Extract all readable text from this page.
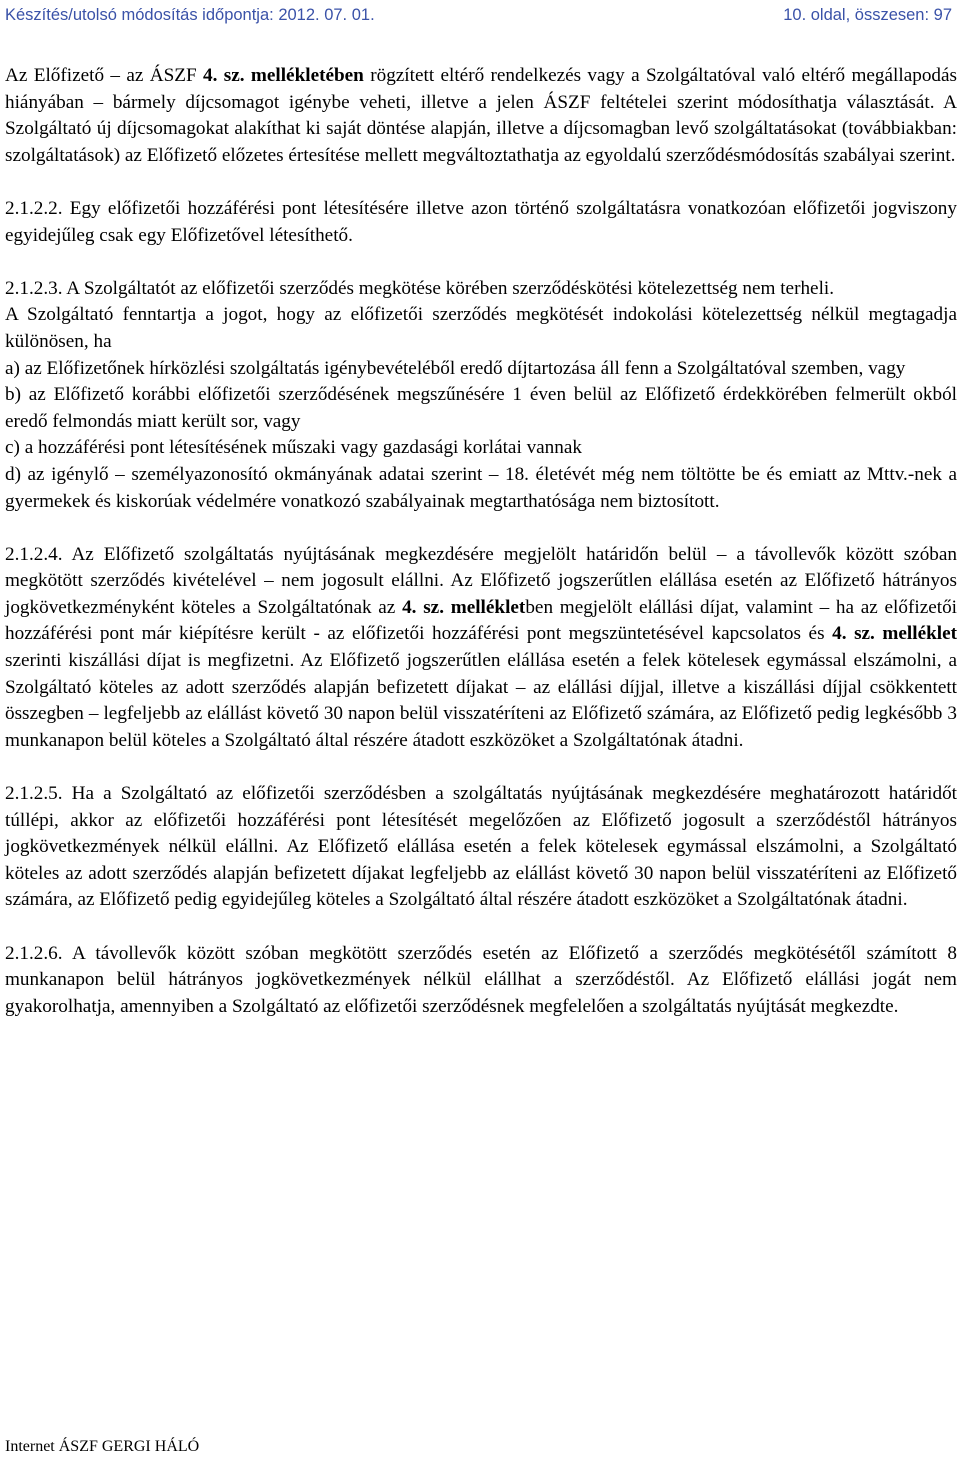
Készítés/utolsó módosítás időpontja: 2012. 07. 01.	10. oldal, összesen: 97

Az Előfizető – az ÁSZF 4. sz. mellékletében rögzített eltérő rendelkezés vagy a Szolgáltatóval való eltérő megállapodás hiányában – bármely díjcsomagot igénybe veheti, illetve a jelen ÁSZF feltételei szerint módosíthatja választását. A Szolgáltató új díjcsomagokat alakíthat ki saját döntése alapján, illetve a díjcsomagban levő szolgáltatásokat (továbbiakban: szolgáltatások) az Előfizető előzetes értesítése mellett megváltoztathatja az egyoldalú szerződésmódosítás szabályai szerint.

2.1.2.2. Egy előfizetői hozzáférési pont létesítésére illetve azon történő szolgáltatásra vonatkozóan előfizetői jogviszony egyidejűleg csak egy Előfizetővel létesíthető.

2.1.2.3. A Szolgáltatót az előfizetői szerződés megkötése körében szerződéskötési kötelezettség nem terheli.

A Szolgáltató fenntartja a jogot, hogy az előfizetői szerződés megkötését indokolási kötelezettség nélkül megtagadja különösen, ha

a) az Előfizetőnek hírközlési szolgáltatás igénybevételéből eredő díjtartozása áll fenn a Szolgáltatóval szemben, vagy

b) az Előfizető korábbi előfizetői szerződésének megszűnésére 1 éven belül az Előfizető érdekkörében felmerült okból eredő felmondás miatt került sor, vagy

c) a hozzáférési pont létesítésének műszaki vagy gazdasági korlátai vannak

d) az igénylő – személyazonosító okmányának adatai szerint – 18. életévét még nem töltötte be és emiatt az Mttv.-nek a gyermekek és kiskorúak védelmére vonatkozó szabályainak megtarthatósága nem biztosított.

2.1.2.4. Az Előfizető szolgáltatás nyújtásának megkezdésére megjelölt határidőn belül – a távollevők között szóban megkötött szerződés kivételével – nem jogosult elállni. Az Előfizető jogszerűtlen elállása esetén az Előfizető hátrányos jogkövetkezményként köteles a Szolgáltatónak az 4. sz. mellékletben megjelölt elállási díjat, valamint – ha az előfizetői hozzáférési pont már kiépítésre került - az előfizetői hozzáférési pont megszüntetésével kapcsolatos és 4. sz. melléklet szerinti kiszállási díjat is megfizetni. Az Előfizető jogszerűtlen elállása esetén a felek kötelesek egymással elszámolni, a Szolgáltató köteles az adott szerződés alapján befizetett díjakat – az elállási díjjal, illetve a kiszállási díjjal csökkentett összegben – legfeljebb az elállást követő 30 napon belül visszatéríteni az Előfizető számára, az Előfizető pedig legkésőbb 3 munkanapon belül köteles a Szolgáltató által részére átadott eszközöket a Szolgáltatónak átadni.

2.1.2.5. Ha a Szolgáltató az előfizetői szerződésben a szolgáltatás nyújtásának megkezdésére meghatározott határidőt túllépi, akkor az előfizetői hozzáférési pont létesítését megelőzően az Előfizető jogosult a szerződéstől hátrányos jogkövetkezmények nélkül elállni. Az Előfizető elállása esetén a felek kötelesek egymással elszámolni, a Szolgáltató köteles az adott szerződés alapján befizetett díjakat legfeljebb az elállást követő 30 napon belül visszatéríteni az Előfizető számára, az Előfizető pedig egyidejűleg köteles a Szolgáltató által részére átadott eszközöket a Szolgáltatónak átadni.

2.1.2.6. A távollevők között szóban megkötött szerződés esetén az Előfizető a szerződés megkötésétől számított 8 munkanapon belül hátrányos jogkövetkezmények nélkül elállhat a szerződéstől. Az Előfizető elállási jogát nem gyakorolhatja, amennyiben a Szolgáltató az előfizetői szerződésnek megfelelően a szolgáltatás nyújtását megkezdte.

Internet ÁSZF GERGI HÁLÓ
